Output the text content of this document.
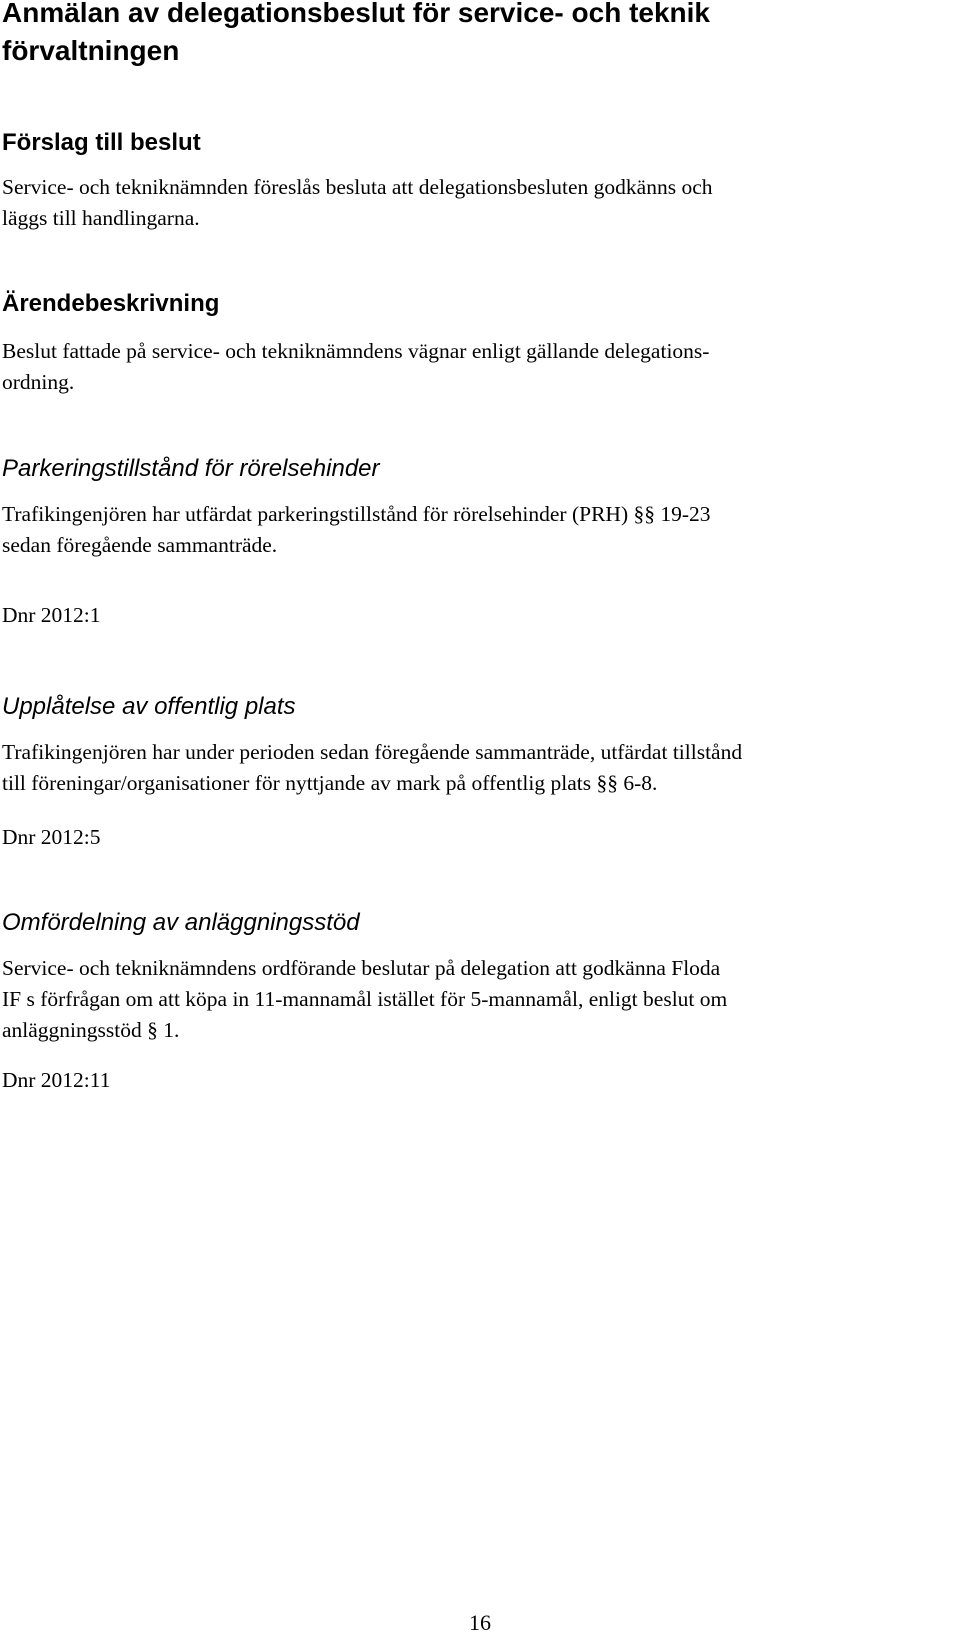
Anmälan av delegationsbeslut för service- och teknik
förvaltningen
Förslag till beslut

Service- och tekniknämnden föreslås besluta att delegationsbesluten godkänns och
läggs till handlingarna.

Ärendebeskrivning

Beslut fattade på service- och tekniknämndens vägnar enligt gällande delegations-
ordning.

Parkeringstillstånd för rörelsehinder

Trafikingenjören har utfärdat parkeringstillstånd för rörelsehinder (PRH) §§ 19-23
sedan föregående sammanträde.

Dnr 2012:1

Upplåtelse av offentlig plats

Trafikingenjören har under perioden sedan föregående sammanträde, utfärdat tillstånd
till föreningar/organisationer för nyttjande av mark på offentlig plats §§ 6-8.

Dnr 2012:5

Omfördelning av anläggningsstöd

Service- och tekniknämndens ordförande beslutar på delegation att godkänna Floda
IF s förfrågan om att köpa in 11-mannamål istället för 5-mannamål, enligt beslut om
anläggningsstöd § 1.

Dnr 2012:11

16
